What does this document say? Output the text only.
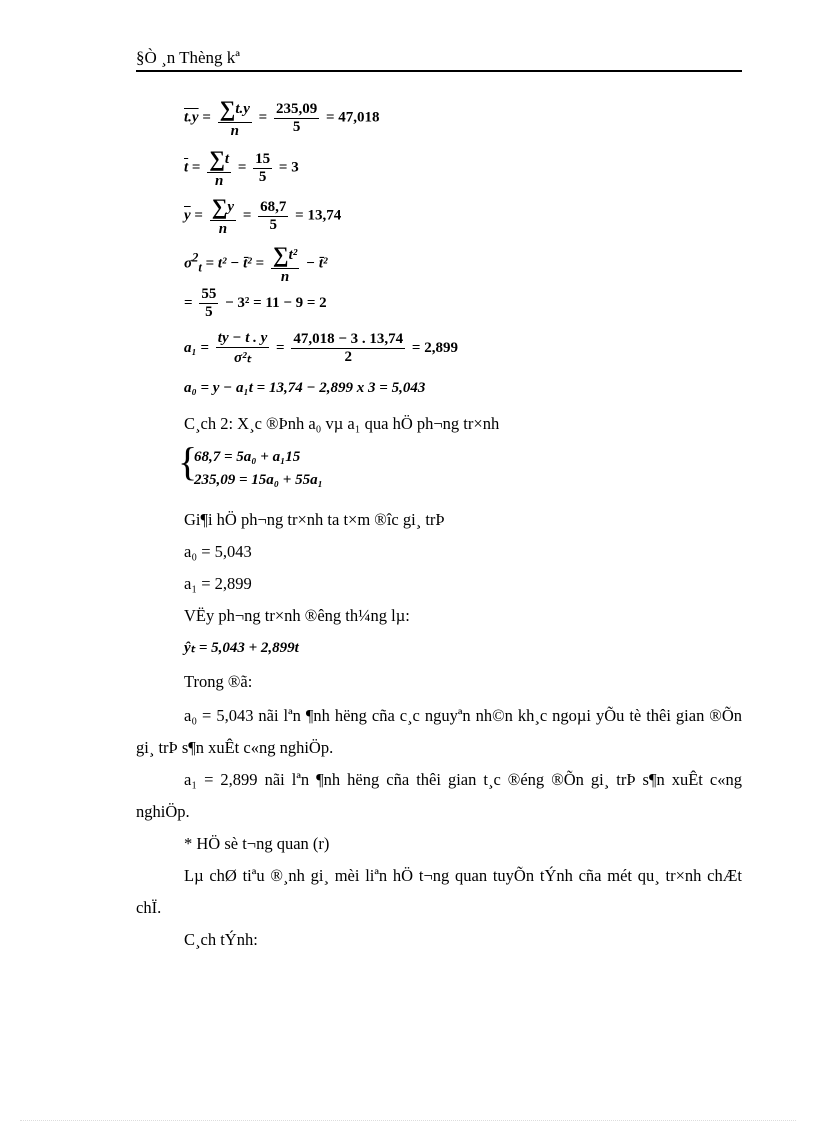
§Ò ¸n Thèng kª
$t.y = \frac{\sum t.y}{n} = \frac{235,09}{5} = 47,018$
$\overline{t} = \frac{\sum t}{n} = \frac{15}{5} = 3$
$\overline{y} = \frac{\sum y}{n} = \frac{68,7}{5} = 13,74$
$\sigma^2_t = t^2$ − t̄² = $\frac{\text{∑t²}}{n}$ − t̄²
= $\frac{55}{5} - 3^2 = 11 - 9 = 2$
$a_1 = \frac{ty - t . y}{\text{σ²ₜ}} = \frac{47,018 - 3 . 13,74}{2} = 2,899$
a₀ = y − a₁t = 13,74 − 2,899 x 3 = 5,043
C¸ch 2: X¸c ®Þnh a₀ vµ a₁ qua hÖ ph¬ng tr×nh
{
68,7 = 5a₀ + a₁15
235,09 = 15a₀ + 55a₁
Gi¶i hÖ ph¬ng tr×nh ta t×m ®îc gi¸ trÞ
a₀ = 5,043
a₁ = 2,899
VËy ph¬ng tr×nh ®êng th¼ng lµ:
ŷₜ = 5,043 + 2,899t
Trong ®ã:
a₀ = 5,043 nãi lªn ¶nh hëng cña c¸c nguyªn nh©n kh¸c ngoµi yÕu tè thêi gian ®Õn gi¸ trÞ s¶n xuÊt c«ng nghiÖp.
a₁ = 2,899 nãi lªn ¶nh hëng cña thêi gian t¸c ®éng ®Õn gi¸ trÞ s¶n xuÊt c«ng nghiÖp.
* HÖ sè t¬ng quan (r)
Lµ chØ tiªu ®¸nh gi¸ mèi liªn hÖ t¬ng quan tuyÕn tÝnh cña mét qu¸ tr×nh chÆt chÏ.
C¸ch tÝnh:
